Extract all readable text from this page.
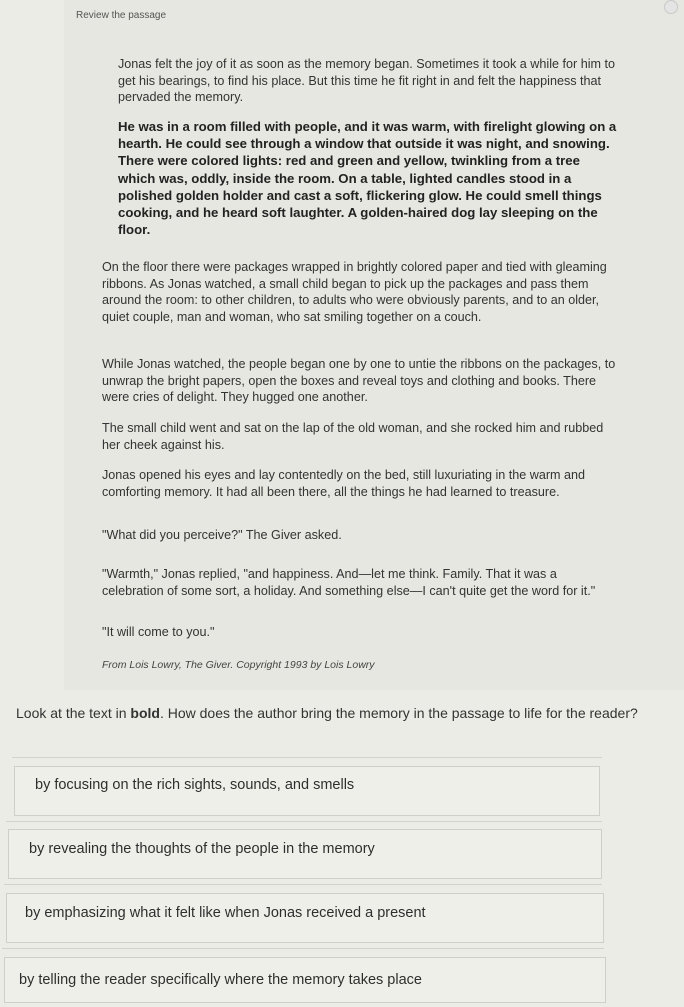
Review the passage
Jonas felt the joy of it as soon as the memory began. Sometimes it took a while for him to get his bearings, to find his place. But this time he fit right in and felt the happiness that pervaded the memory.
He was in a room filled with people, and it was warm, with firelight glowing on a hearth. He could see through a window that outside it was night, and snowing. There were colored lights: red and green and yellow, twinkling from a tree which was, oddly, inside the room. On a table, lighted candles stood in a polished golden holder and cast a soft, flickering glow. He could smell things cooking, and he heard soft laughter. A golden-haired dog lay sleeping on the floor.
On the floor there were packages wrapped in brightly colored paper and tied with gleaming ribbons. As Jonas watched, a small child began to pick up the packages and pass them around the room: to other children, to adults who were obviously parents, and to an older, quiet couple, man and woman, who sat smiling together on a couch.
While Jonas watched, the people began one by one to untie the ribbons on the packages, to unwrap the bright papers, open the boxes and reveal toys and clothing and books. There were cries of delight. They hugged one another.
The small child went and sat on the lap of the old woman, and she rocked him and rubbed her cheek against his.
Jonas opened his eyes and lay contentedly on the bed, still luxuriating in the warm and comforting memory. It had all been there, all the things he had learned to treasure.
"What did you perceive?" The Giver asked.
"Warmth," Jonas replied, "and happiness. And—let me think. Family. That it was a celebration of some sort, a holiday. And something else—I can't quite get the word for it."
"It will come to you."
From Lois Lowry, The Giver. Copyright 1993 by Lois Lowry
Look at the text in bold. How does the author bring the memory in the passage to life for the reader?
by focusing on the rich sights, sounds, and smells
by revealing the thoughts of the people in the memory
by emphasizing what it felt like when Jonas received a present
by telling the reader specifically where the memory takes place
